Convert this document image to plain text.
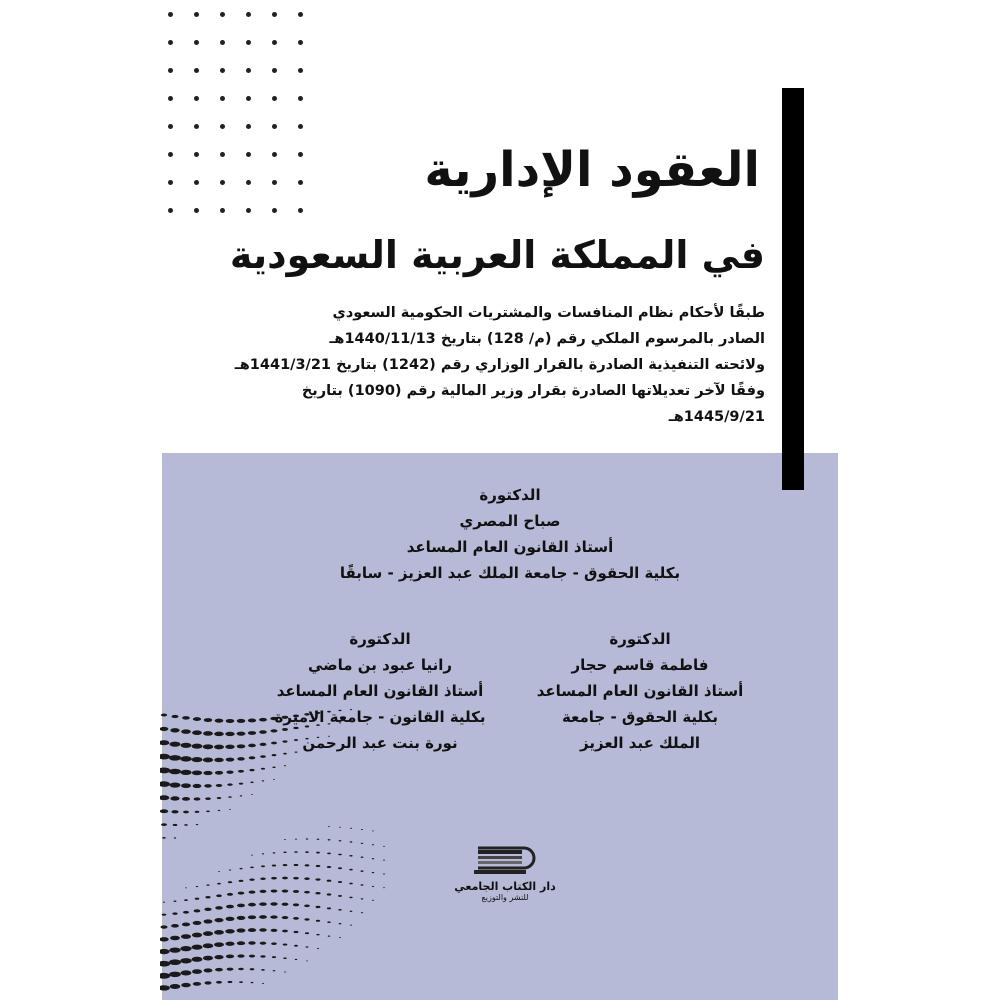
العقود الإدارية
في المملكة العربية السعودية
طبقًا لأحكام نظام المنافسات والمشتريات الحكومية السعودي
الصادر بالمرسوم الملكي رقم (م/ 128) بتاريخ 1440/11/13هـ
ولائحته التنفيذية الصادرة بالقرار الوزاري رقم (1242) بتاريخ 1441/3/21هـ
وفقًا لآخر تعديلاتها الصادرة بقرار وزير المالية رقم (1090) بتاريخ
1445/9/21هـ
الدكتورة
صباح المصري
أستاذ القانون العام المساعد
بكلية الحقوق - جامعة الملك عبد العزيز - سابقًا
الدكتورة
رانيا عبود بن ماضي
أستاذ القانون العام المساعد
بكلية القانون - جامعة الاميرة
نورة بنت عبد الرحمن
الدكتورة
فاطمة قاسم حجار
أستاذ القانون العام المساعد
بكلية الحقوق - جامعة
الملك عبد العزيز
دار الكتاب الجامعي
للنشر والتوزيع
